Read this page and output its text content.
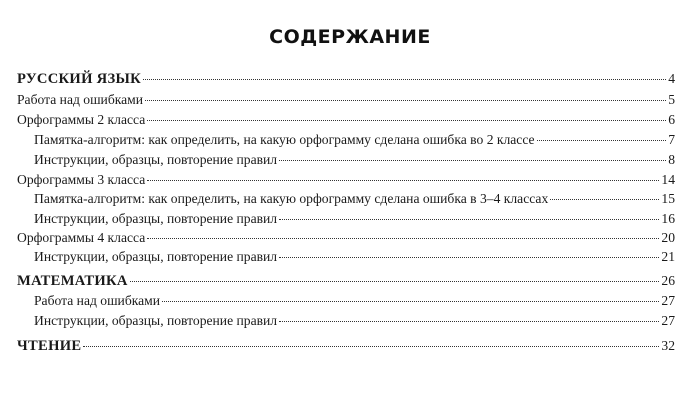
СОДЕРЖАНИЕ
РУССКИЙ ЯЗЫК	4
Работа над ошибками	5
Орфограммы 2 класса	6
Памятка-алгоритм: как определить, на какую орфограмму сделана ошибка во 2 классе	7
Инструкции, образцы, повторение правил	8
Орфограммы 3 класса	14
Памятка-алгоритм: как определить, на какую орфограмму сделана ошибка в 3–4 классах	15
Инструкции, образцы, повторение правил	16
Орфограммы 4 класса	20
Инструкции, образцы, повторение правил	21
МАТЕМАТИКА	26
Работа над ошибками	27
Инструкции, образцы, повторение правил	27
ЧТЕНИЕ	32
